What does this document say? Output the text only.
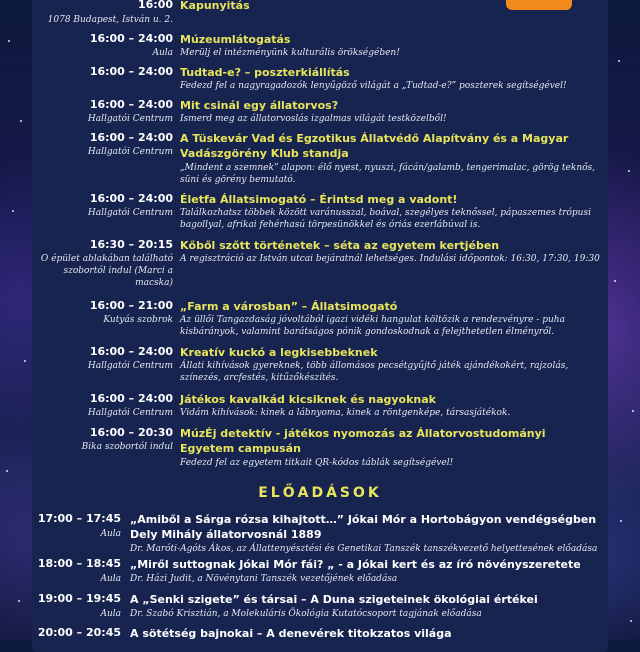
16:00
1078 Budapest, István u. 2.
Kapunyitás
16:00 – 24:00
Aula
Múzeumlátogatás
Merülj el intézményünk kulturális örökségében!
16:00 – 24:00 Tudtad-e? – poszterkiállítás
Fedezd fel a nagyragadozók lenyűgöző világát a „Tudtad-e?” poszterek segítségével!
16:00 – 24:00
Hallgatói Centrum
Mit csinál egy állatorvos?
Ismerd meg az állatorvoslás izgalmas világát testközelből!
16:00 – 24:00
Hallgatói Centrum
A Tüskevár Vad és Egzotikus Állatvédő Alapítvány és a Magyar Vadászgörény Klub standja
„Mindent a szemnek” alapon: élő nyest, nyuszi, fácán/galamb, tengerimalac, görög teknős, süni és görény bemutató.
16:00 – 24:00
Hallgatói Centrum
Életfa Állatsimogató – Érintsd meg a vadont!
Találkozhatsz többek között varánusszal, boával, szegélyes teknőssel, pápaszemes trópusi bagollyal, afrikai fehérhasú törpesünökkel és óriás ezerlábúval is.
16:30 – 20:15
O épület ablakában található szobortól indul (Marci a macska)
Kőből szőtt történetek – séta az egyetem kertjében
A regisztráció az István utcai bejáratnál lehetséges. Indulási időpontok: 16:30, 17:30, 19:30
16:00 – 21:00
Kutyás szobrok
„Farm a városban” – Állatsimogató
Az üllői Tangazdaság jóvoltából igazi vidéki hangulat költözik a rendezvényre - puha kisbárányok, valamint barátságos pónik gondoskodnak a felejthetetlen élményről.
16:00 – 24:00
Hallgatói Centrum
Kreatív kuckó a legkisebbeknek
Állati kihívások gyereknek, több állomásos pecsétgyűjtő játék ajándékokért, rajzolás, színezés, arcfestés, kitűzőkészítés.
16:00 – 24:00
Hallgatói Centrum
Játékos kavalkád kicsiknek és nagyoknak
Vidám kihívások: kinek a lábnyoma, kinek a röntgenképe, társasjátékok.
16:00 – 20:30
Bika szobortól indul
MúzÉj detektív - játékos nyomozás az Állatorvostudományi Egyetem campusán
Fedezd fel az egyetem titkait QR-kódos táblák segítségével!
ELŐADÁSOK
17:00 – 17:45
Aula
„Amiből a Sárga rózsa kihajtott…” Jókai Mór a Hortobágyon vendégségben Dely Mihály állatorvosnál 1889
Dr. Maróti-Agóts Ákos, az Állattenyésztési és Genetikai Tanszék tanszékvezető helyettesének előadása
18:00 – 18:45
Aula
„Miről suttognak Jókai Mór fái? „ - a Jókai kert és az író növényszeretete
Dr. Házi Judit, a Növénytani Tanszék vezetőjének előadása
19:00 – 19:45
Aula
A „Senki szigete” és társai – A Duna szigeteinek ökológiai értékei
Dr. Szabó Krisztián, a Molekuláris Ökológia Kutatócsoport tagjának előadása
20:00 – 20:45 A sötétség bajnokai – A denevérek titokzatos világa
